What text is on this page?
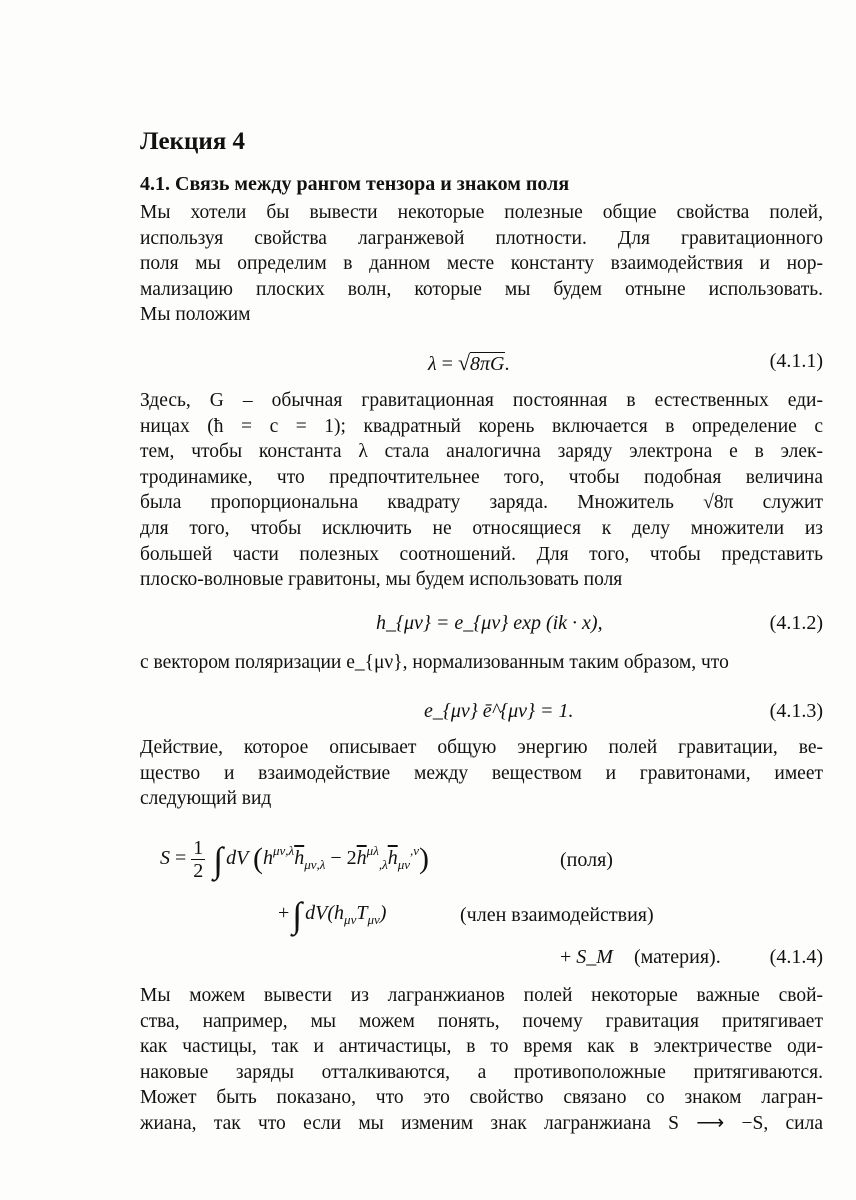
Лекция 4
4.1. Связь между рангом тензора и знаком поля

Мы хотели бы вывести некоторые полезные общие свойства полей,
используя свойства лагранжевой плотности. Для гравитационного
поля мы определим в данном месте константу взаимодействия и нор-
мализацию плоских волн, которые мы будем отныне использовать.
Мы положим

λ = √8πG.	(4.1.1)

Здесь, G – обычная гравитационная постоянная в естественных еди-
ницах (ħ = c = 1); квадратный корень включается в определение с
тем, чтобы константа λ стала аналогична заряду электрона e в элек-
тродинамике, что предпочтительнее того, чтобы подобная величина
была пропорциональна квадрату заряда. Множитель √8π служит
для того, чтобы исключить не относящиеся к делу множители из
большей части полезных соотношений. Для того, чтобы представить
плоско-волновые гравитоны, мы будем использовать поля

h_{μν} = e_{μν} exp (ik · x),	(4.1.2)

с вектором поляризации e_{μν}, нормализованным таким образом, что

e_{μν} ē^{μν} = 1.	(4.1.3)

Действие, которое описывает общую энергию полей гравитации, ве-
щество и взаимодействие между веществом и гравитонами, имеет
следующий вид

$S = \frac{1}{2}$ ∫ dV $(h^{\mu\nu,\lambda}\overline{h}_{\mu\nu,\lambda} - 2\overline{h}^{\mu\lambda}_{,\lambda}\overline{h}_{\mu\nu}^{,\nu})$	(поля)
+∫ $dV(h_{\mu\nu}T_{\mu\nu})$	(член взаимодействия)
+ S_M (материя). (4.1.4)

Мы можем вывести из лагранжианов полей некоторые важные свой-
ства, например, мы можем понять, почему гравитация притягивает
как частицы, так и античастицы, в то время как в электричестве оди-
наковые заряды отталкиваются, а противоположные притягиваются.
Может быть показано, что это свойство связано со знаком лагран-
жиана, так что если мы изменим знак лагранжиана S ⟶ −S, сила
